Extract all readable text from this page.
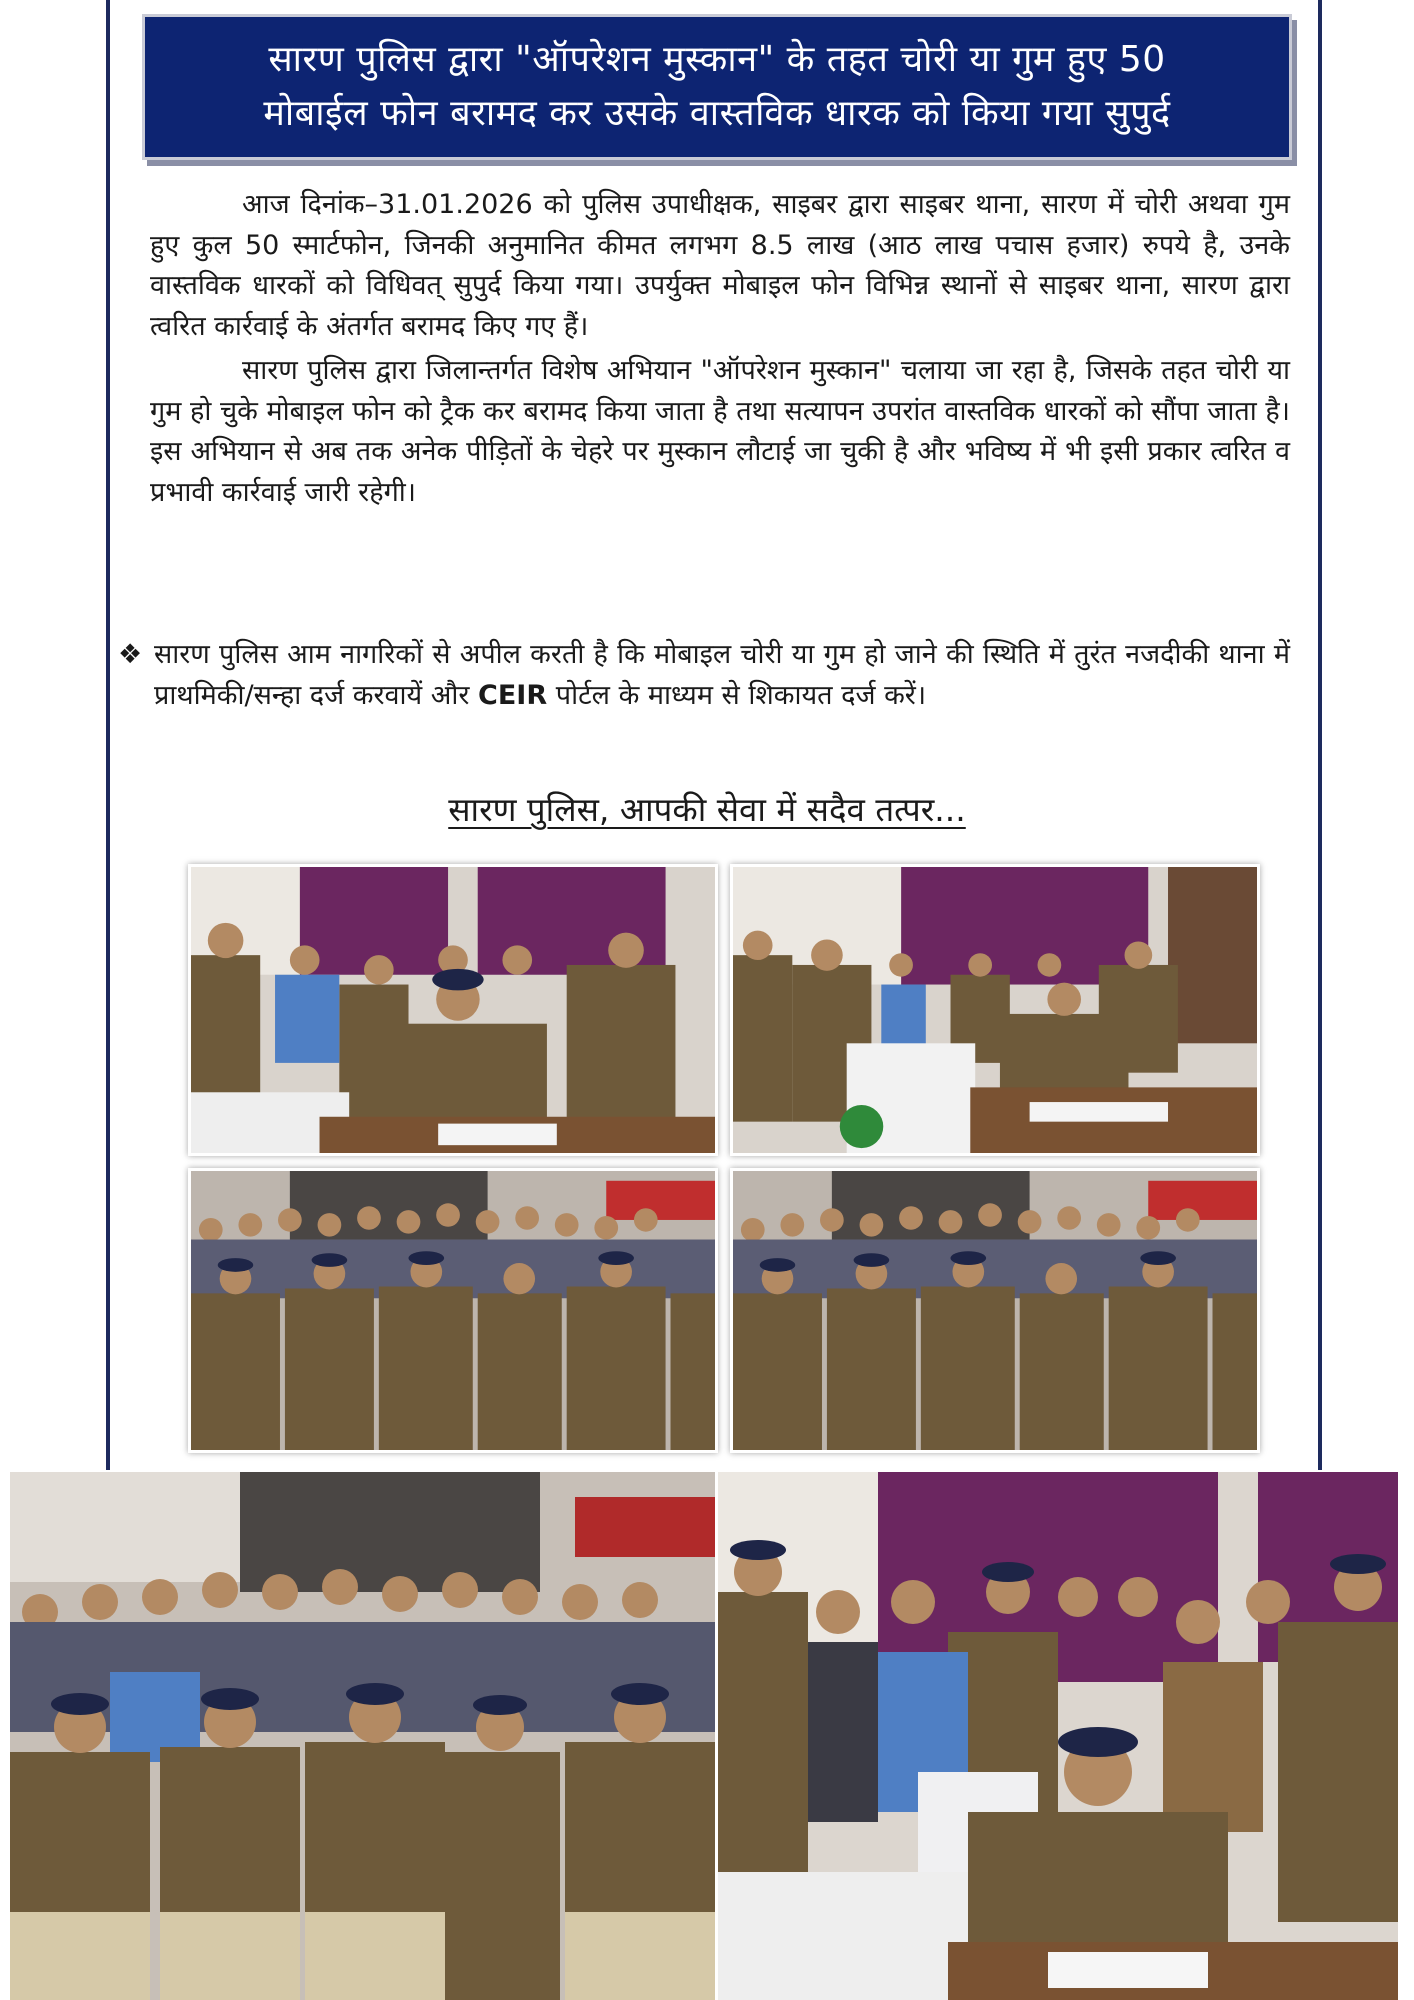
सारण पुलिस द्वारा "ऑपरेशन मुस्कान" के तहत चोरी या गुम हुए 50
मोबाईल फोन बरामद कर उसके वास्तविक धारक को किया गया सुपुर्द

आज दिनांक–31.01.2026 को पुलिस उपाधीक्षक, साइबर द्वारा साइबर थाना, सारण में चोरी अथवा गुम हुए कुल 50 स्मार्टफोन, जिनकी अनुमानित कीमत लगभग 8.5 लाख (आठ लाख पचास हजार) रुपये है, उनके वास्तविक धारकों को विधिवत् सुपुर्द किया गया। उपर्युक्त मोबाइल फोन विभिन्न स्थानों से साइबर थाना, सारण द्वारा त्वरित कार्रवाई के अंतर्गत बरामद किए गए हैं।

सारण पुलिस द्वारा जिलान्तर्गत विशेष अभियान "ऑपरेशन मुस्कान" चलाया जा रहा है, जिसके तहत चोरी या गुम हो चुके मोबाइल फोन को ट्रैक कर बरामद किया जाता है तथा सत्यापन उपरांत वास्तविक धारकों को सौंपा जाता है। इस अभियान से अब तक अनेक पीड़ितों के चेहरे पर मुस्कान लौटाई जा चुकी है और भविष्य में भी इसी प्रकार त्वरित व प्रभावी कार्रवाई जारी रहेगी।

❖ सारण पुलिस आम नागरिकों से अपील करती है कि मोबाइल चोरी या गुम हो जाने की स्थिति में तुरंत नजदीकी थाना में प्राथमिकी/सन्हा दर्ज करवायें और CEIR पोर्टल के माध्यम से शिकायत दर्ज करें।
सारण पुलिस, आपकी सेवा में सदैव तत्पर...
